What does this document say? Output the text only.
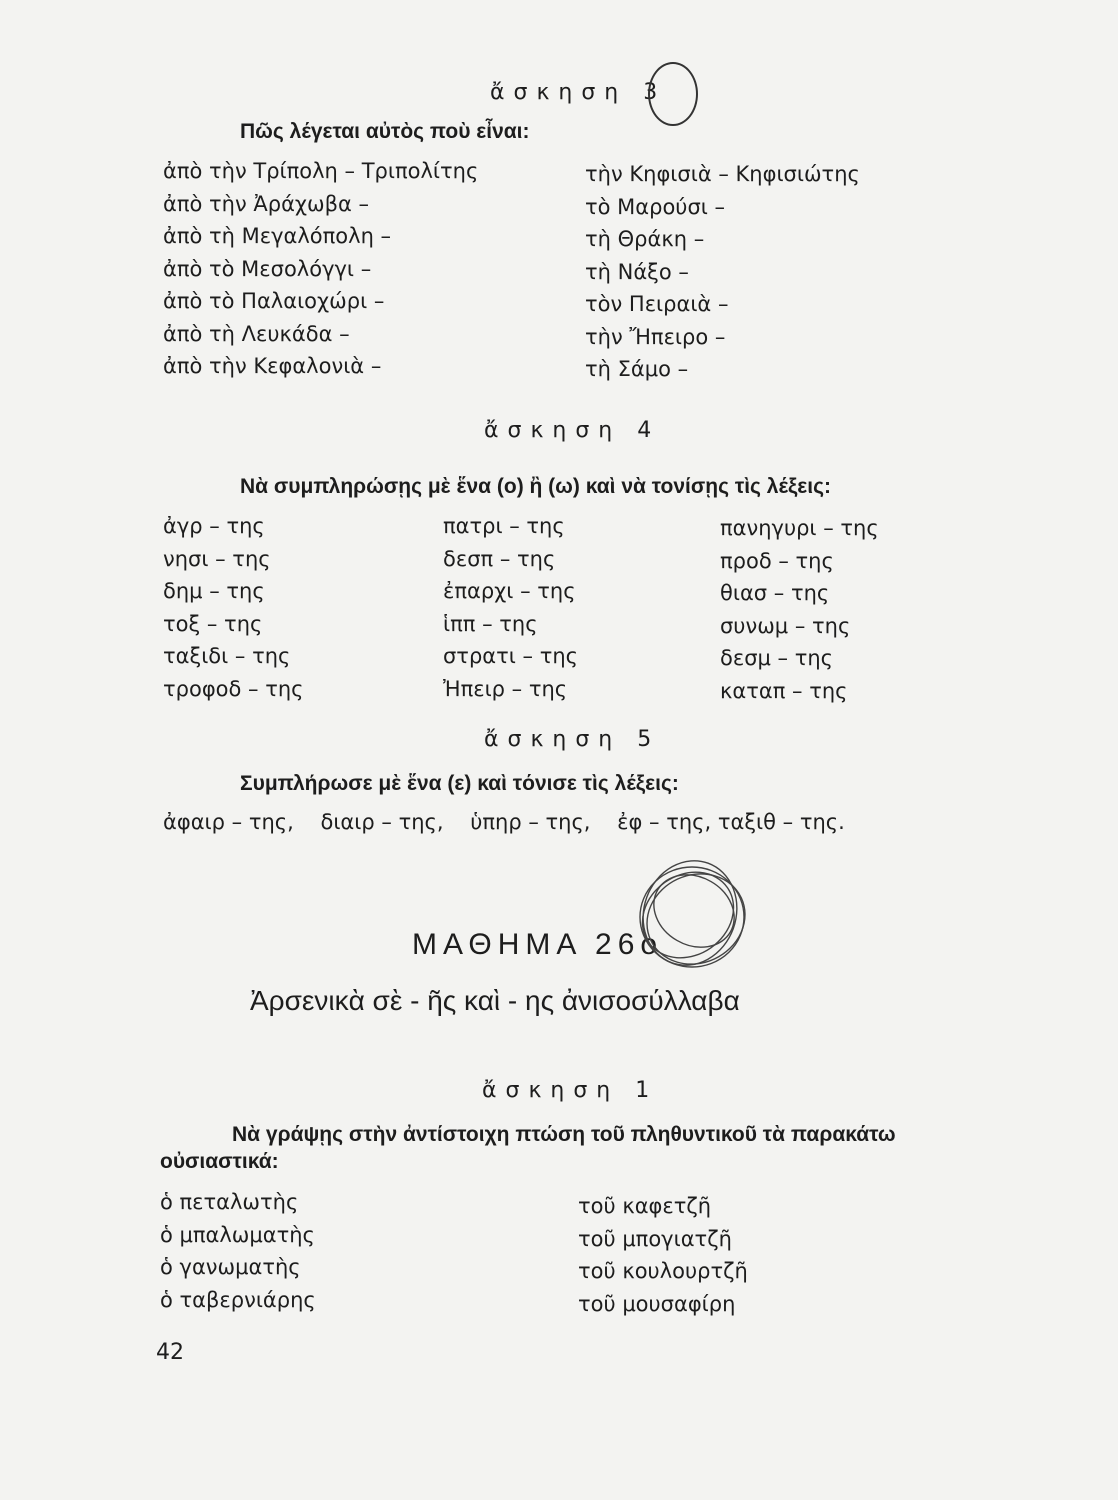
ἄσκηση 3
Πῶς λέγεται αὐτὸς ποὺ εἶναι:
ἀπὸ τὴν Τρίπολη – Τριπολίτης
ἀπὸ τὴν Ἀράχωβα –
ἀπὸ τὴ Μεγαλόπολη –
ἀπὸ τὸ Μεσολόγγι –
ἀπὸ τὸ Παλαιοχώρι –
ἀπὸ τὴ Λευκάδα –
ἀπὸ τὴν Κεφαλονιὰ –
τὴν Κηφισιὰ – Κηφισιώτης
τὸ Μαρούσι –
τὴ Θράκη –
τὴ Νάξο –
τὸν Πειραιὰ –
τὴν Ἤπειρο –
τὴ Σάμο –
ἄσκηση 4
Νὰ συμπληρώσῃς μὲ ἕνα (ο) ἢ (ω) καὶ νὰ τονίσῃς τὶς λέξεις:
ἀγρ – της
νησι – της
δημ – της
τοξ – της
ταξιδι – της
τροφοδ – της
πατρι – της
δεσπ – της
ἐπαρχι – της
ἱππ – της
στρατι – της
Ἠπειρ – της
πανηγυρι – της
προδ – της
θιασ – της
συνωμ – της
δεσμ – της
καταπ – της
ἄσκηση 5
Συμπλήρωσε μὲ ἕνα (ε) καὶ τόνισε τὶς λέξεις:
ἀφαιρ – της,    διαιρ – της,    ὑπηρ – της,    ἐφ – της, ταξιθ – της.
ΜΑΘΗΜΑ 26ο
Ἀρσενικὰ σὲ - ῆς καὶ - ης ἀνισοσύλλαβα
ἄσκηση 1
Νὰ γράψῃς στὴν ἀντίστοιχη πτώση τοῦ πληθυντικοῦ τὰ παρακάτω
οὐσιαστικά:
ὁ πεταλωτὴς
ὁ μπαλωματὴς
ὁ γανωματὴς
ὁ ταβερνιάρης
τοῦ καφετζῆ
τοῦ μπογιατζῆ
τοῦ κουλουρτζῆ
τοῦ μουσαφίρη
42
